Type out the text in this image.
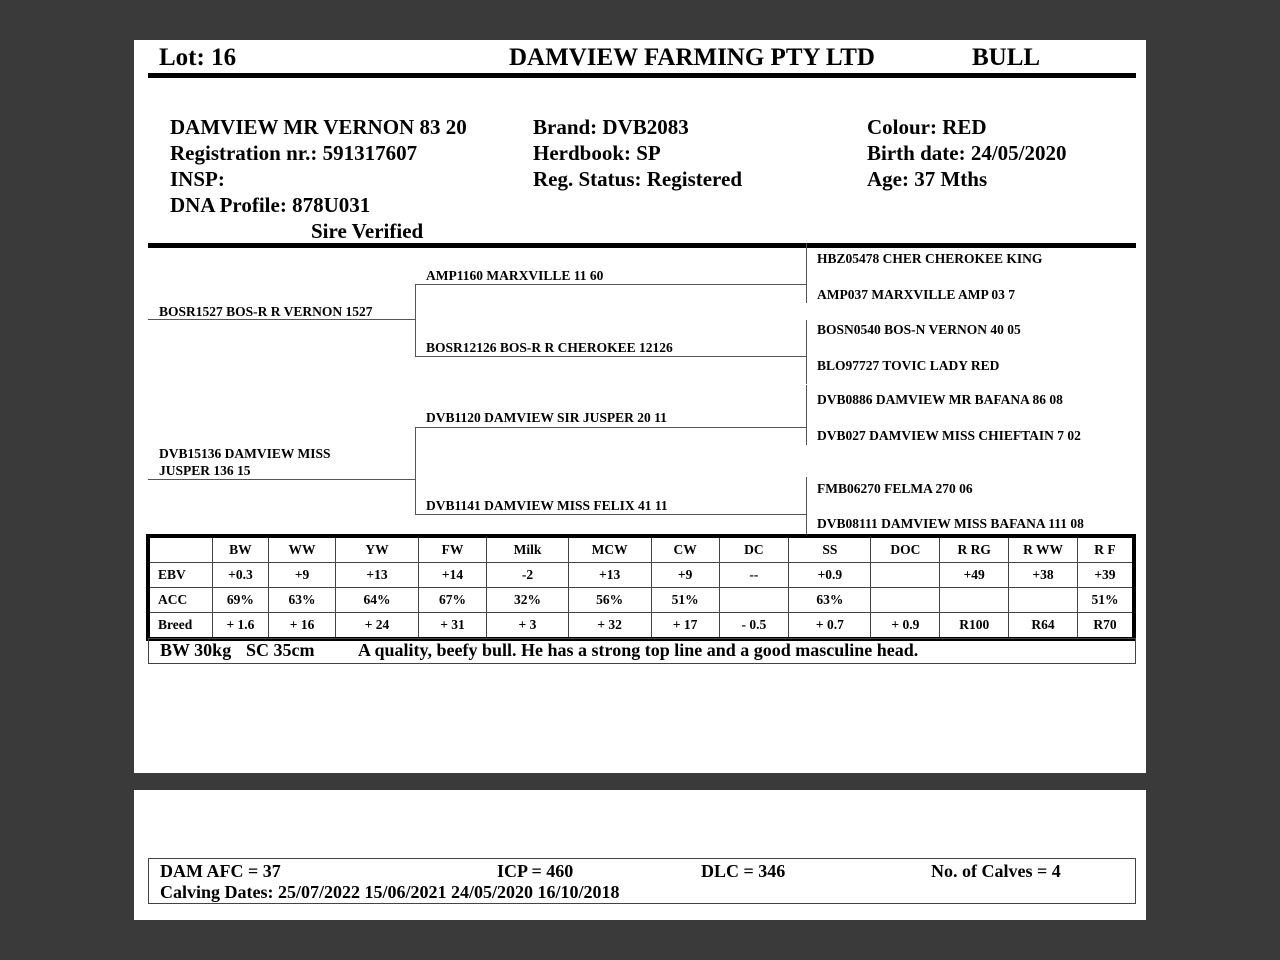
Lot: 16	DAMVIEW FARMING PTY LTD	BULL
DAMVIEW MR VERNON 83 20
Registration nr.: 591317607
INSP:
DNA Profile: 878U031
Sire Verified
Brand: DVB2083
Herdbook: SP
Reg. Status: Registered
Colour: RED
Birth date: 24/05/2020
Age: 37 Mths
BOSR1527 BOS-R R VERNON 1527
DVB15136 DAMVIEW MISS
JUSPER 136 15
AMP1160 MARXVILLE 11 60
BOSR12126 BOS-R R CHEROKEE 12126
DVB1120 DAMVIEW SIR JUSPER 20 11
DVB1141 DAMVIEW MISS FELIX 41 11
HBZ05478 CHER CHEROKEE KING
AMP037 MARXVILLE AMP 03 7
BOSN0540 BOS-N VERNON 40 05
BLO97727 TOVIC LADY RED
DVB0886 DAMVIEW MR BAFANA 86 08
DVB027 DAMVIEW MISS CHIEFTAIN 7 02
FMB06270 FELMA 270 06
DVB08111 DAMVIEW MISS BAFANA 111 08
	BW	WW	YW	FW	Milk	MCW	CW	DC	SS	DOC	R RG	R WW	R F
EBV	+0.3	+9	+13	+14	-2	+13	+9	--	+0.9		+49	+38	+39
ACC	69%	63%	64%	67%	32%	56%	51%		63%				51%
Breed	+ 1.6	+ 16	+ 24	+ 31	+ 3	+ 32	+ 17	- 0.5	+ 0.7	+ 0.9	R100	R64	R70
BW 30kg SC 35cm A quality, beefy bull. He has a strong top line and a good masculine head.
DAM AFC = 37	ICP = 460	DLC = 346	No. of Calves = 4
Calving Dates: 25/07/2022 15/06/2021 24/05/2020 16/10/2018
